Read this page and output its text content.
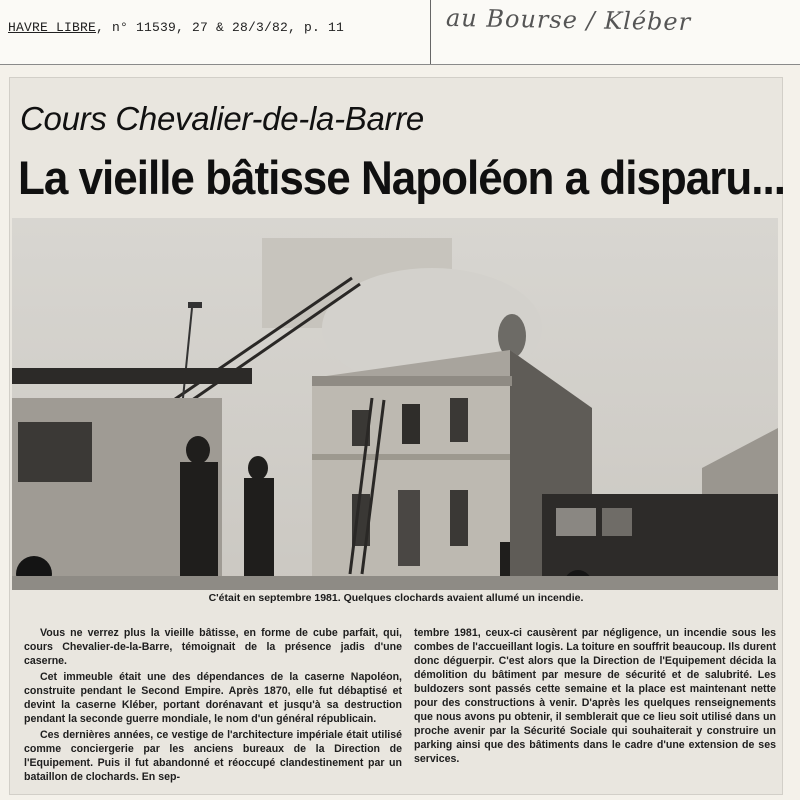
HAVRE LIBRE, n° 11539, 27 & 28/3/82, p. 11	au Bourse / Kléber
Cours Chevalier-de-la-Barre
La vieille bâtisse Napoléon a disparu...
C'était en septembre 1981. Quelques clochards avaient allumé un incendie.

Vous ne verrez plus la vieille bâtisse, en forme de cube parfait, qui, cours Chevalier-de-la-Barre, témoignait de la présence jadis d'une caserne.

Cet immeuble était une des dépendances de la caserne Napoléon, construite pendant le Second Empire. Après 1870, elle fut débaptisé et devint la caserne Kléber, portant dorénavant et jusqu'à sa destruction pendant la seconde guerre mondiale, le nom d'un général républicain.

Ces dernières années, ce vestige de l'architecture impériale était utilisé comme conciergerie par les anciens bureaux de la Direction de l'Equipement. Puis il fut abandonné et réoccupé clandestinement par un bataillon de clochards. En sep-

tembre 1981, ceux-ci causèrent par négligence, un incendie sous les combes de l'accueillant logis. La toiture en souffrit beaucoup. Ils durent donc déguerpir. C'est alors que la Direction de l'Equipement décida la démolition du bâtiment par mesure de sécurité et de salubrité. Les buldozers sont passés cette semaine et la place est maintenant nette pour des constructions à venir. D'après les quelques renseignements que nous avons pu obtenir, il semblerait que ce lieu soit utilisé dans un proche avenir par la Sécurité Sociale qui souhaiterait y construire un parking ainsi que des bâtiments dans le cadre d'une extension de ses services.
